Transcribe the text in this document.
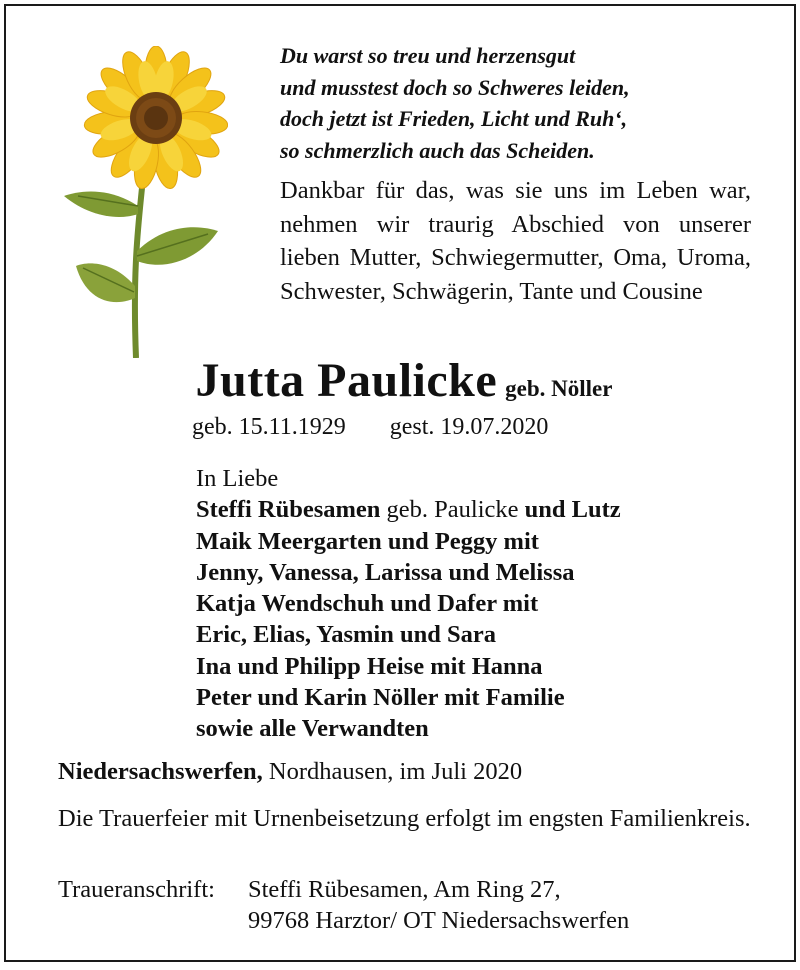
Du warst so treu und herzensgut
und musstest doch so Schweres leiden,
doch jetzt ist Frieden, Licht und Ruh‘,
so schmerzlich auch das Scheiden.
Dankbar für das, was sie uns im Leben war, nehmen wir traurig Abschied von unserer lieben Mutter, Schwiegermutter, Oma, Uroma, Schwester, Schwägerin, Tante und Cousine
Jutta Paulicke geb. Nöller
geb. 15.11.1929 gest. 19.07.2020
In Liebe
Steffi Rübesamen geb. Paulicke und Lutz
Maik Meergarten und Peggy mit
Jenny, Vanessa, Larissa und Melissa
Katja Wendschuh und Dafer mit
Eric, Elias, Yasmin und Sara
Ina und Philipp Heise mit Hanna
Peter und Karin Nöller mit Familie
sowie alle Verwandten
Niedersachswerfen, Nordhausen, im Juli 2020
Die Trauerfeier mit Urnenbeisetzung erfolgt im engsten Familienkreis.
Traueranschrift:	Steffi Rübesamen, Am Ring 27,
99768 Harztor/ OT Niedersachswerfen
